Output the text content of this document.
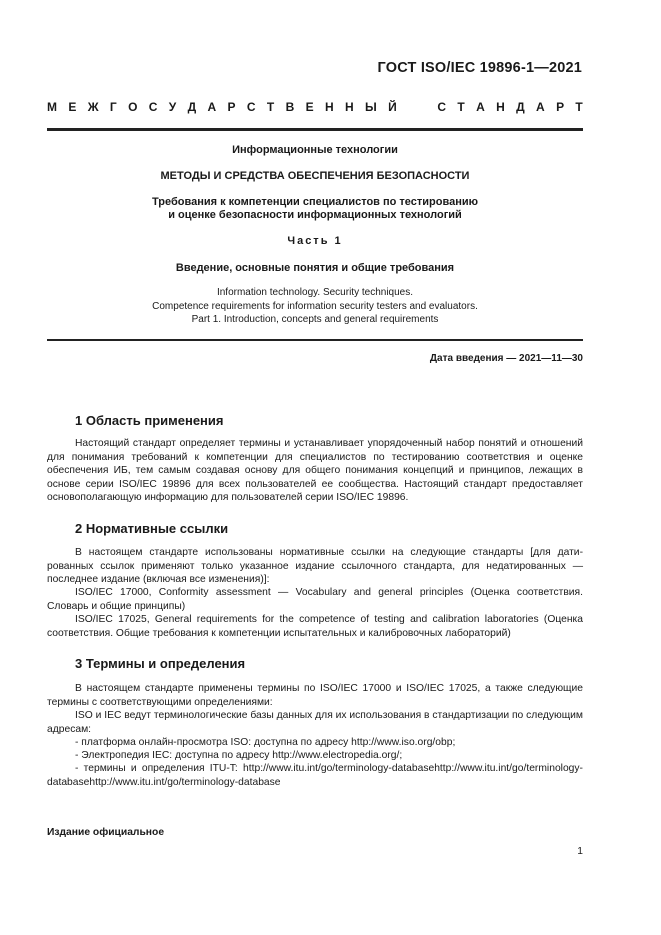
ГОСТ ISO/IEC 19896-1—2021
М Е Ж Г О С У Д А Р С Т В Е Н Н Ы Й

	С Т А Н Д А Р Т
Информационные технологии
МЕТОДЫ И СРЕДСТВА ОБЕСПЕЧЕНИЯ БЕЗОПАСНОСТИ
Требования к компетенции специалистов по тестированию
и оценке безопасности информационных технологий
Часть 1
Введение, основные понятия и общие требования
Information technology. Security techniques.
Competence requirements for information security testers and evaluators.
Part 1. Introduction, concepts and general requirements
Дата введения — 2021—11—30
1 Область применения

Настоящий стандарт определяет термины и устанавливает упорядоченный набор понятий и отношений для понимания требований к компетенции для специалистов по тестированию соответствия и оценке обеспечения ИБ, тем самым создавая основу для общего понимания концепций и принципов, лежащих в основе серии ISO/IEC 19896 для всех пользователей ее сообщества. Настоящий стандарт предоставляет основополагающую информацию для пользователей серии ISO/IEC 19896.

2 Нормативные ссылки

В настоящем стандарте использованы нормативные ссылки на следующие стандарты [для датированных ссылок применяют только указанное издание ссылочного стандарта, для недатированных — последнее издание (включая все изменения)]:

ISO/IEC 17000, Conformity assessment — Vocabulary and general principles (Оценка соответствия. Словарь и общие принципы)

ISO/IEC 17025, General requirements for the competence of testing and calibration laboratories (Оценка соответствия. Общие требования к компетенции испытательных и калибровочных лабораторий)

3 Термины и определения

В настоящем стандарте применены термины по ISO/IEC 17000 и ISO/IEC 17025, а также следующие термины с соответствующими определениями:

ISO и IEC ведут терминологические базы данных для их использования в стандартизации по следующим адресам:

- платформа онлайн-просмотра ISO: доступна по адресу http://www.iso.org/obp;
- Электропедия IEC: доступна по адресу http://www.electropedia.org/;

- термины и определения ITU-T: http://www.itu.int/go/terminology-databasehttp://www.itu.int/go/terminology-databasehttp://www.itu.int/go/terminology-database

Издание официальное
1
